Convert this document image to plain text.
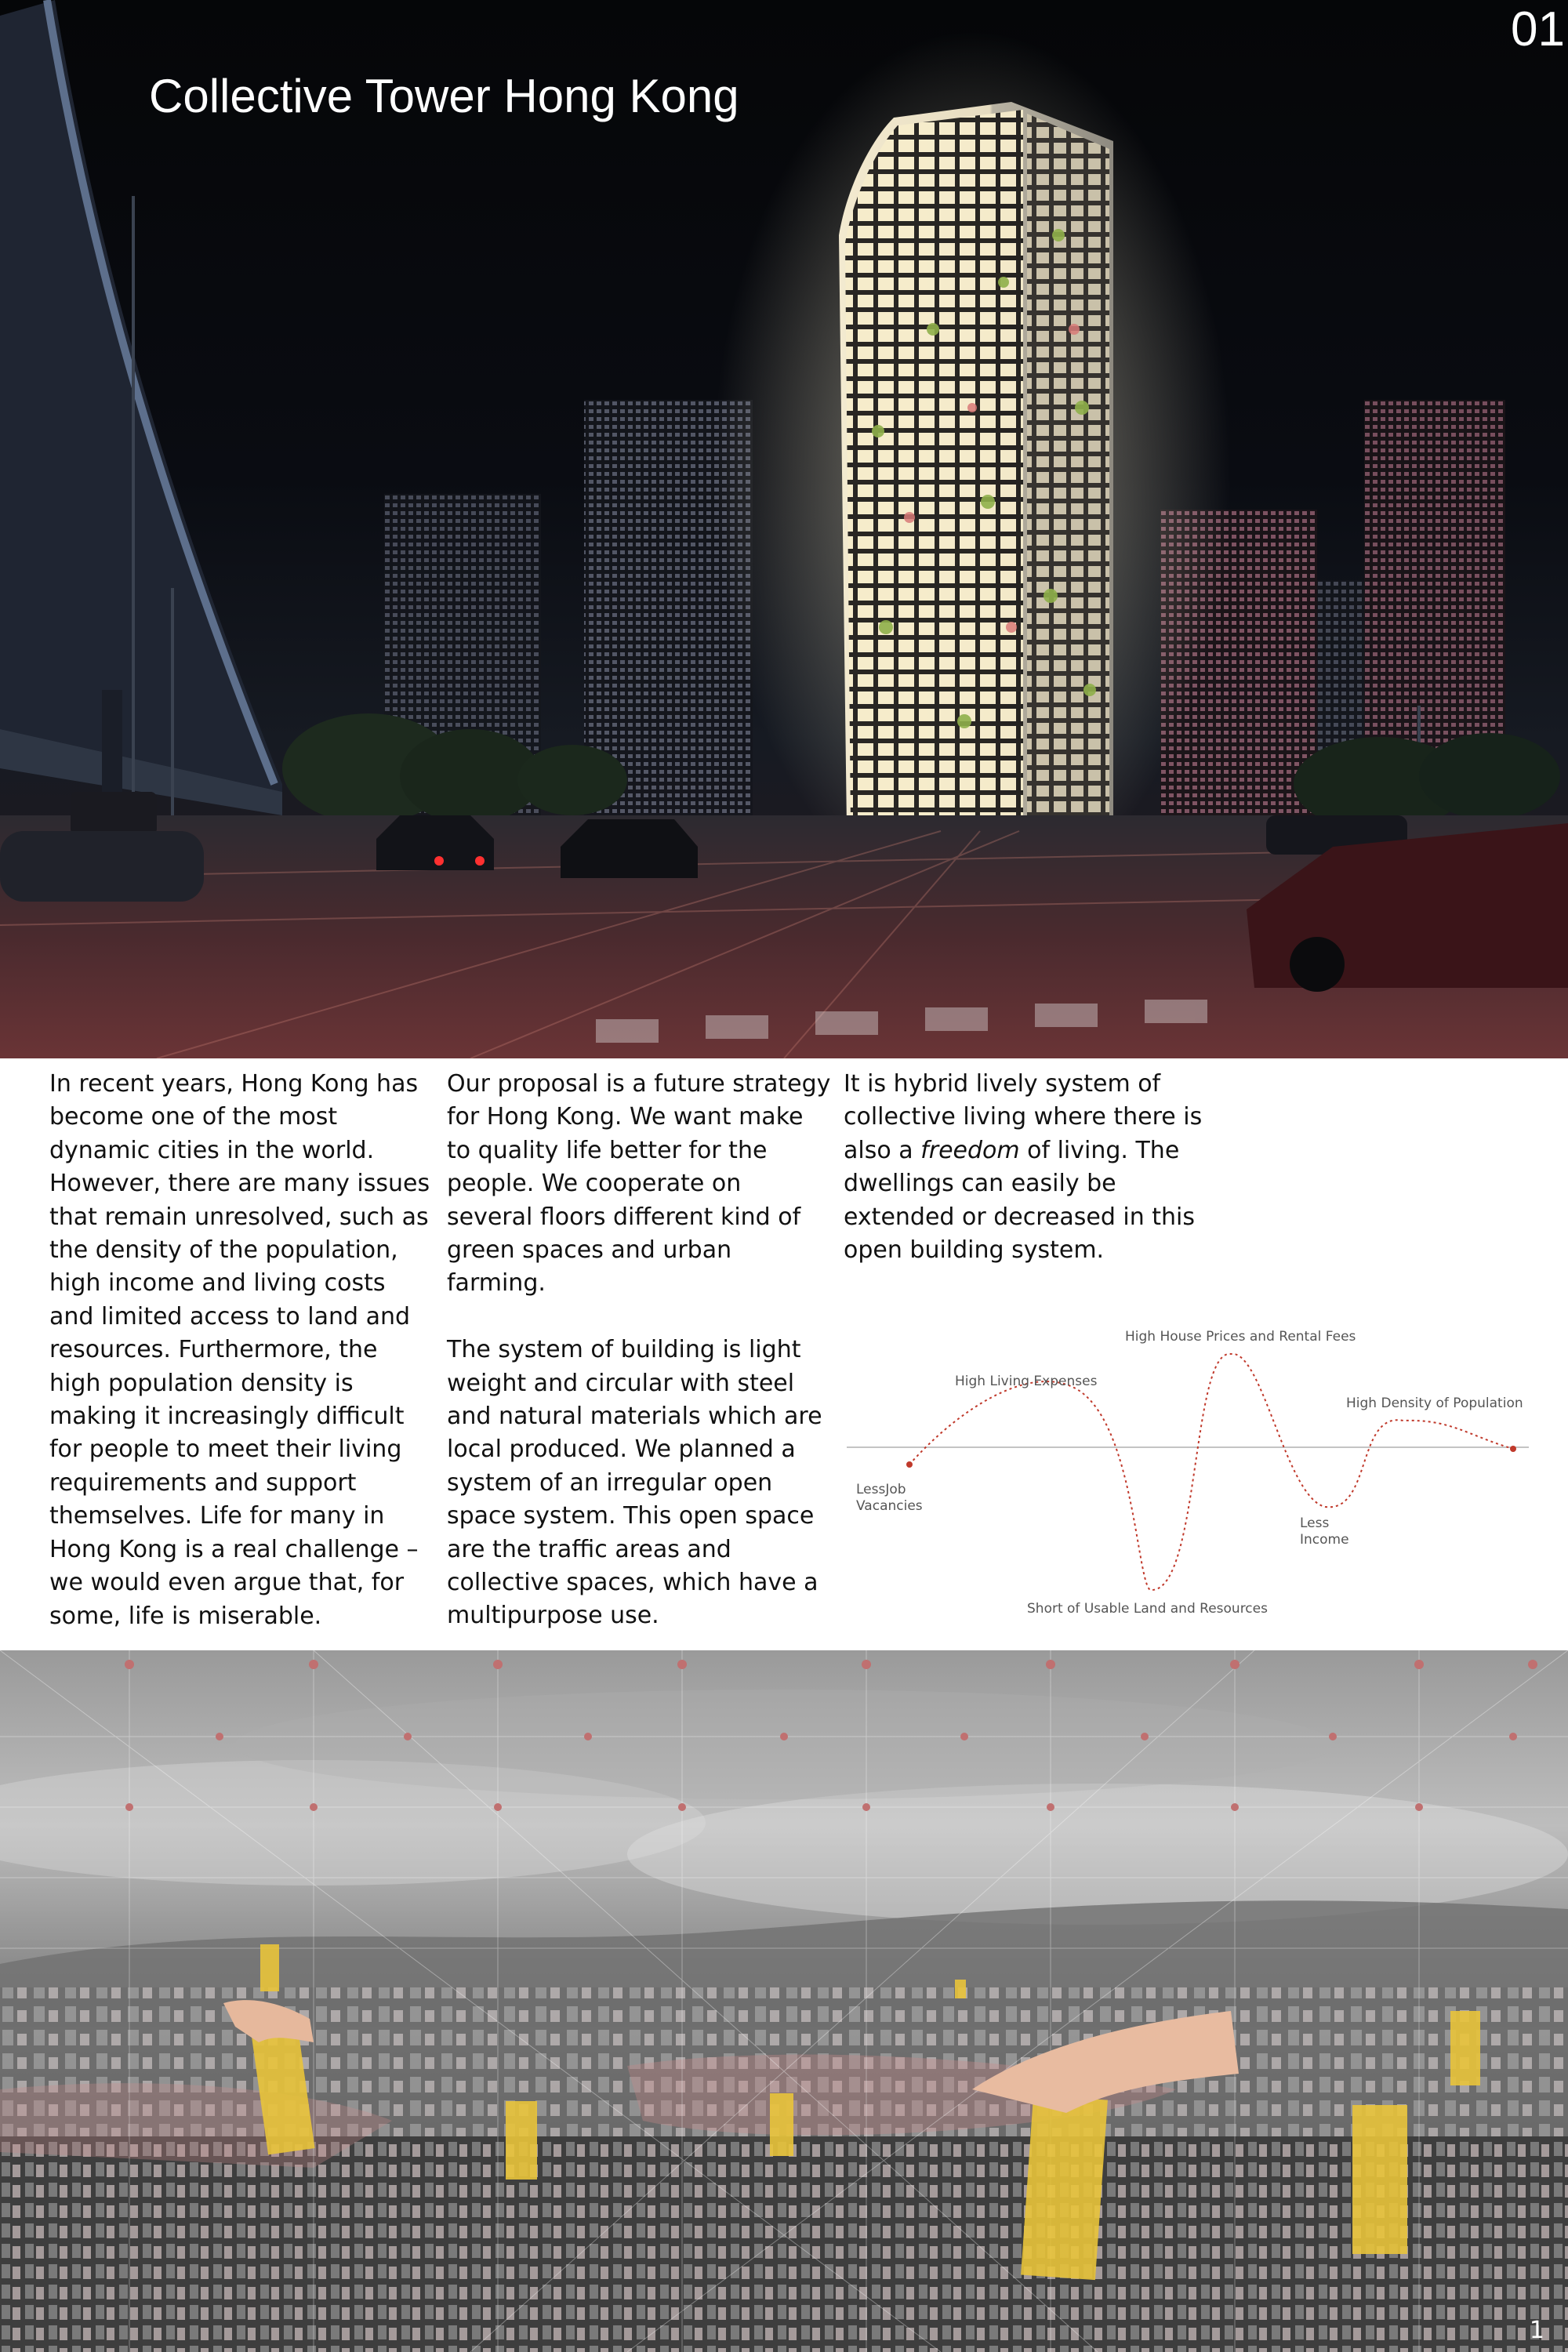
Collective Tower Hong Kong
01

In recent years, Hong Kong has become one of the most dynamic cities in the world. However, there are many issues that remain unresolved, such as the density of the population, high income and living costs and limited access to land and resources. Furthermore, the high population density is making it increasingly difficult for people to meet their living requirements and support themselves. Life for many in Hong Kong is a real challenge – we would even argue that, for some, life is miserable.

Our proposal is a future strategy for Hong Kong. We want make to quality life better for the people. We cooperate on several floors different kind of green spaces and urban farming.

The system of building is light weight and circular with steel and natural materials which are local produced. We planned a system of an irregular open space system. This open space are the traffic areas and collective spaces, which have a multipurpose use.

It is hybrid lively system of collective living where there is also a freedom of living. The dwellings can easily be extended or decreased in this open building system.

LessJob
Vacancies
High Living Expenses
High House Prices and Rental Fees
High Density of Population
Less
Income
Short of Usable Land and Resources
1
